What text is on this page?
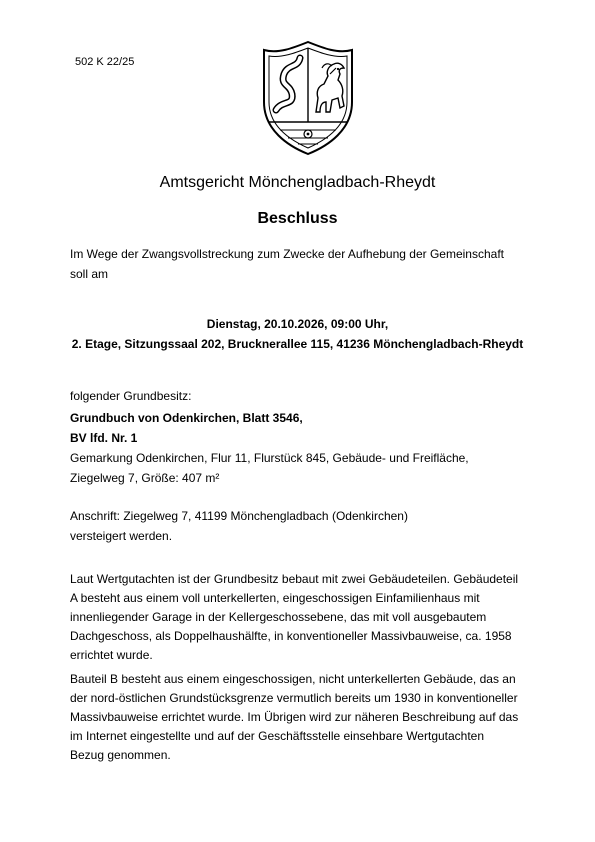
502 K 22/25
Amtsgericht Mönchengladbach-Rheydt
Beschluss
Im Wege der Zwangsvollstreckung zum Zwecke der Aufhebung der Gemeinschaft
soll am
Dienstag, 20.10.2026, 09:00 Uhr,
2. Etage, Sitzungssaal 202, Brucknerallee 115, 41236 Mönchengladbach-Rheydt
folgender Grundbesitz:
Grundbuch von Odenkirchen, Blatt 3546,
BV lfd. Nr. 1
Gemarkung Odenkirchen, Flur 11, Flurstück 845, Gebäude- und Freifläche,
Ziegelweg 7, Größe: 407 m²
Anschrift: Ziegelweg 7, 41199 Mönchengladbach (Odenkirchen)
versteigert werden.
Laut Wertgutachten ist der Grundbesitz bebaut mit zwei Gebäudeteilen. Gebäudeteil
A besteht aus einem voll unterkellerten, eingeschossigen Einfamilienhaus mit
innenliegender Garage in der Kellergeschossebene, das mit voll ausgebautem
Dachgeschoss, als Doppelhaushälfte, in konventioneller Massivbauweise, ca. 1958
errichtet wurde.
Bauteil B besteht aus einem eingeschossigen, nicht unterkellerten Gebäude, das an
der nord-östlichen Grundstücksgrenze vermutlich bereits um 1930 in konventioneller
Massivbauweise errichtet wurde. Im Übrigen wird zur näheren Beschreibung auf das
im Internet eingestellte und auf der Geschäftsstelle einsehbare Wertgutachten
Bezug genommen.
